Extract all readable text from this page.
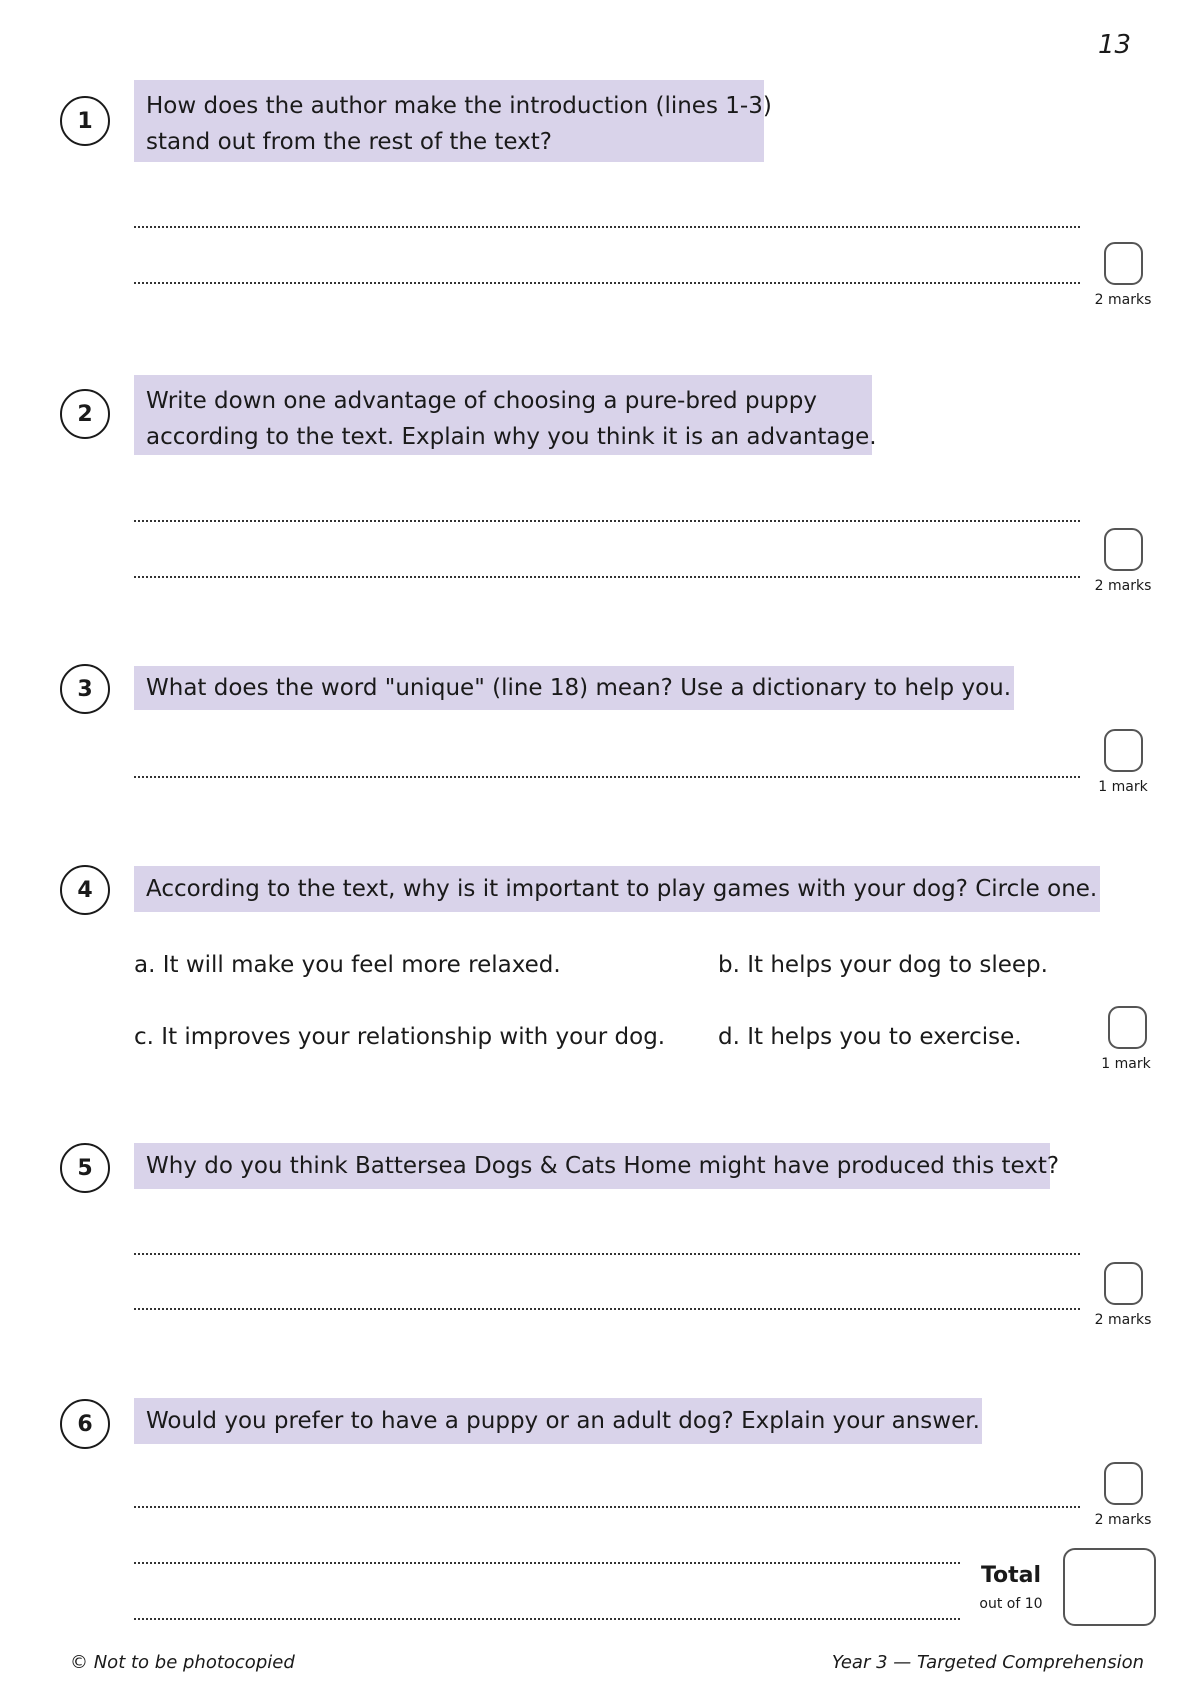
13
1
How does the author make the introduction (lines 1-3)
stand out from the rest of the text?
2 marks
2	Write down one advantage of choosing a pure-bred puppy
according to the text. Explain why you think it is an advantage.
2 marks
3	What does the word "unique" (line 18) mean? Use a dictionary to help you.
1 mark
4	According to the text, why is it important to play games with your dog? Circle one.
a. It will make you feel more relaxed.	b. It helps your dog to sleep.
c. It improves your relationship with your dog. d. It helps you to exercise.
1 mark
5	Why do you think Battersea Dogs & Cats Home might have produced this text?
2 marks
6	Would you prefer to have a puppy or an adult dog? Explain your answer.
2 marks
Total
out of 10
© Not to be photocopied	Year 3 — Targeted Comprehension
